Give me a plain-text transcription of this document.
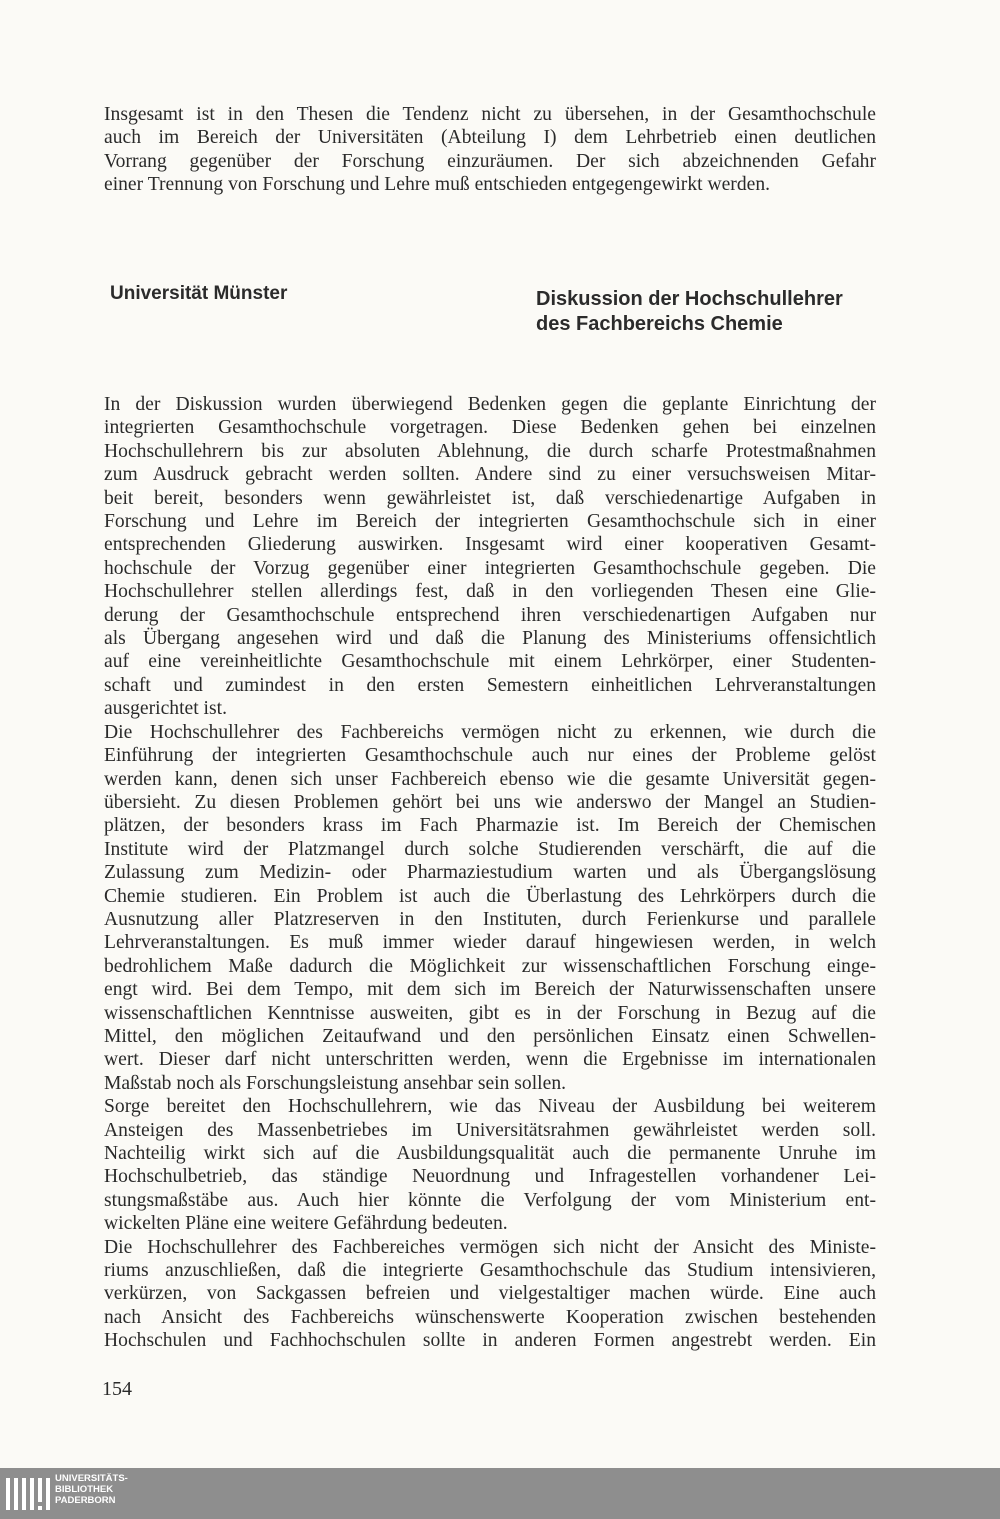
Insgesamt ist in den Thesen die Tendenz nicht zu übersehen, in der Gesamthochschule
auch im Bereich der Universitäten (Abteilung I) dem Lehrbetrieb einen deutlichen
Vorrang gegenüber der Forschung einzuräumen. Der sich abzeichnenden Gefahr
einer Trennung von Forschung und Lehre muß entschieden entgegengewirkt werden.

Universität Münster	Diskussion der Hochschullehrer
des Fachbereichs Chemie

In der Diskussion wurden überwiegend Bedenken gegen die geplante Einrichtung der
integrierten Gesamthochschule vorgetragen. Diese Bedenken gehen bei einzelnen
Hochschullehrern bis zur absoluten Ablehnung, die durch scharfe Protestmaßnahmen
zum Ausdruck gebracht werden sollten. Andere sind zu einer versuchsweisen Mitar-
beit bereit, besonders wenn gewährleistet ist, daß verschiedenartige Aufgaben in
Forschung und Lehre im Bereich der integrierten Gesamthochschule sich in einer
entsprechenden Gliederung auswirken. Insgesamt wird einer kooperativen Gesamt-
hochschule der Vorzug gegenüber einer integrierten Gesamthochschule gegeben. Die
Hochschullehrer stellen allerdings fest, daß in den vorliegenden Thesen eine Glie-
derung der Gesamthochschule entsprechend ihren verschiedenartigen Aufgaben nur
als Übergang angesehen wird und daß die Planung des Ministeriums offensichtlich
auf eine vereinheitlichte Gesamthochschule mit einem Lehrkörper, einer Studenten-
schaft und zumindest in den ersten Semestern einheitlichen Lehrveranstaltungen
ausgerichtet ist.
Die Hochschullehrer des Fachbereichs vermögen nicht zu erkennen, wie durch die
Einführung der integrierten Gesamthochschule auch nur eines der Probleme gelöst
werden kann, denen sich unser Fachbereich ebenso wie die gesamte Universität gegen-
übersieht. Zu diesen Problemen gehört bei uns wie anderswo der Mangel an Studien-
plätzen, der besonders krass im Fach Pharmazie ist. Im Bereich der Chemischen
Institute wird der Platzmangel durch solche Studierenden verschärft, die auf die
Zulassung zum Medizin- oder Pharmaziestudium warten und als Übergangslösung
Chemie studieren. Ein Problem ist auch die Überlastung des Lehrkörpers durch die
Ausnutzung aller Platzreserven in den Instituten, durch Ferienkurse und parallele
Lehrveranstaltungen. Es muß immer wieder darauf hingewiesen werden, in welch
bedrohlichem Maße dadurch die Möglichkeit zur wissenschaftlichen Forschung einge-
engt wird. Bei dem Tempo, mit dem sich im Bereich der Naturwissenschaften unsere
wissenschaftlichen Kenntnisse ausweiten, gibt es in der Forschung in Bezug auf die
Mittel, den möglichen Zeitaufwand und den persönlichen Einsatz einen Schwellen-
wert. Dieser darf nicht unterschritten werden, wenn die Ergebnisse im internationalen
Maßstab noch als Forschungsleistung ansehbar sein sollen.
Sorge bereitet den Hochschullehrern, wie das Niveau der Ausbildung bei weiterem
Ansteigen des Massenbetriebes im Universitätsrahmen gewährleistet werden soll.
Nachteilig wirkt sich auf die Ausbildungsqualität auch die permanente Unruhe im
Hochschulbetrieb, das ständige Neuordnung und Infragestellen vorhandener Lei-
stungsmaßstäbe aus. Auch hier könnte die Verfolgung der vom Ministerium ent-
wickelten Pläne eine weitere Gefährdung bedeuten.
Die Hochschullehrer des Fachbereiches vermögen sich nicht der Ansicht des Ministe-
riums anzuschließen, daß die integrierte Gesamthochschule das Studium intensivieren,
verkürzen, von Sackgassen befreien und vielgestaltiger machen würde. Eine auch
nach Ansicht des Fachbereichs wünschenswerte Kooperation zwischen bestehenden
Hochschulen und Fachhochschulen sollte in anderen Formen angestrebt werden. Ein

154

UNIVERSITÄTS-
BIBLIOTHEK
PADERBORN
